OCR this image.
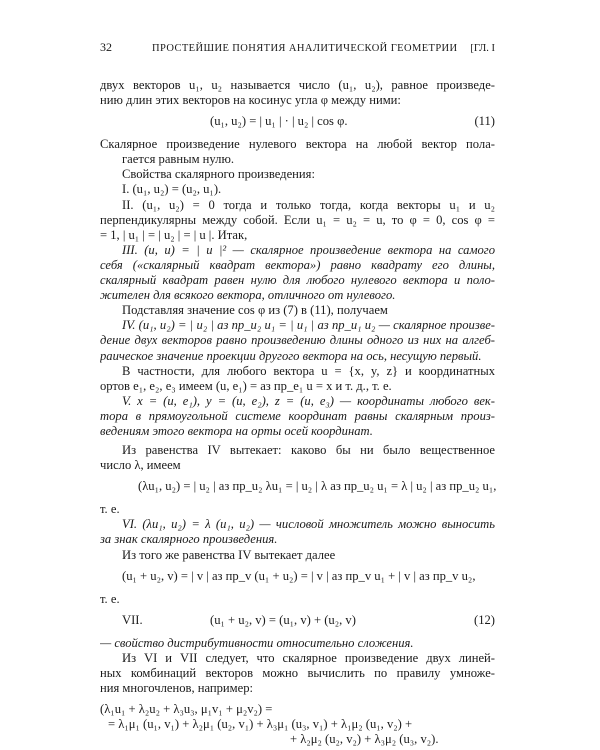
32	ПРОСТЕЙШИЕ ПОНЯТИЯ АНАЛИТИЧЕСКОЙ ГЕОМЕТРИИ [ГЛ. I
двух векторов u₁, u₂ называется число (u₁, u₂), равное произведе-
нию длин этих векторов на косинус угла φ между ними:
(u₁, u₂) = | u₁ | · | u₂ | cos φ.	(11)
Скалярное произведение нулевого вектора на любой вектор пола-
гается равным нулю.
Свойства скалярного произведения:
I. (u₁, u₂) = (u₂, u₁).
II. (u₁, u₂) = 0 тогда и только тогда, когда векторы u₁ и u₂
перпендикулярны между собой. Если u₁ = u₂ = u, то φ = 0, cos φ =
= 1, | u₁ | = | u₂ | = | u |. Итак,
III. (u, u) = | u |² — скалярное произведение вектора на самого
себя («скалярный квадрат вектора») равно квадрату его длины,
скалярный квадрат равен нулю для любого нулевого вектора и поло-
жителен для всякого вектора, отличного от нулевого.
Подставляя значение cos φ из (7) в (11), получаем
IV. (u₁, u₂) = | u₂ | аз пр_u₂ u₁ = | u₁ | аз пр_u₁ u₂ — скалярное произве-
дение двух векторов равно произведению длины одного из них на алгеб-
раическое значение проекции другого вектора на ось, несущую первый.
В частности, для любого вектора u = {x, y, z} и координатных
ортов e₁, e₂, e₃ имеем (u, e₁) = аз пр_e₁ u = x и т. д., т. е.
V. x = (u, e₁), y = (u, e₂), z = (u, e₃) — координаты любого век-
тора в прямоугольной системе координат равны скалярным произ-
ведениям этого вектора на орты осей координат.
Из равенства IV вытекает: каково бы ни было вещественное
число λ, имеем
(λu₁, u₂) = | u₂ | аз пр_u₂ λu₁ = | u₂ | λ аз пр_u₂ u₁ = λ | u₂ | аз пр_u₂ u₁,
т. е.
VI. (λu₁, u₂) = λ (u₁, u₂) — числовой множитель можно выносить
за знак скалярного произведения.
Из того же равенства IV вытекает далее
(u₁ + u₂, v) = | v | аз пр_v (u₁ + u₂) = | v | аз пр_v u₁ + | v | аз пр_v u₂,
т. е.
VII.	(u₁ + u₂, v) = (u₁, v) + (u₂, v)	(12)
— свойство дистрибутивности относительно сложения.
Из VI и VII следует, что скалярное произведение двух линей-
ных комбинаций векторов можно вычислить по правилу умноже-
ния многочленов, например:
(λ₁u₁ + λ₂u₂ + λ₃u₃, μ₁v₁ + μ₂v₂) =
= λ₁μ₁ (u₁, v₁) + λ₂μ₁ (u₂, v₁) + λ₃μ₁ (u₃, v₁) + λ₁μ₂ (u₁, v₂) +
+ λ₂μ₂ (u₂, v₂) + λ₃μ₂ (u₃, v₂).
